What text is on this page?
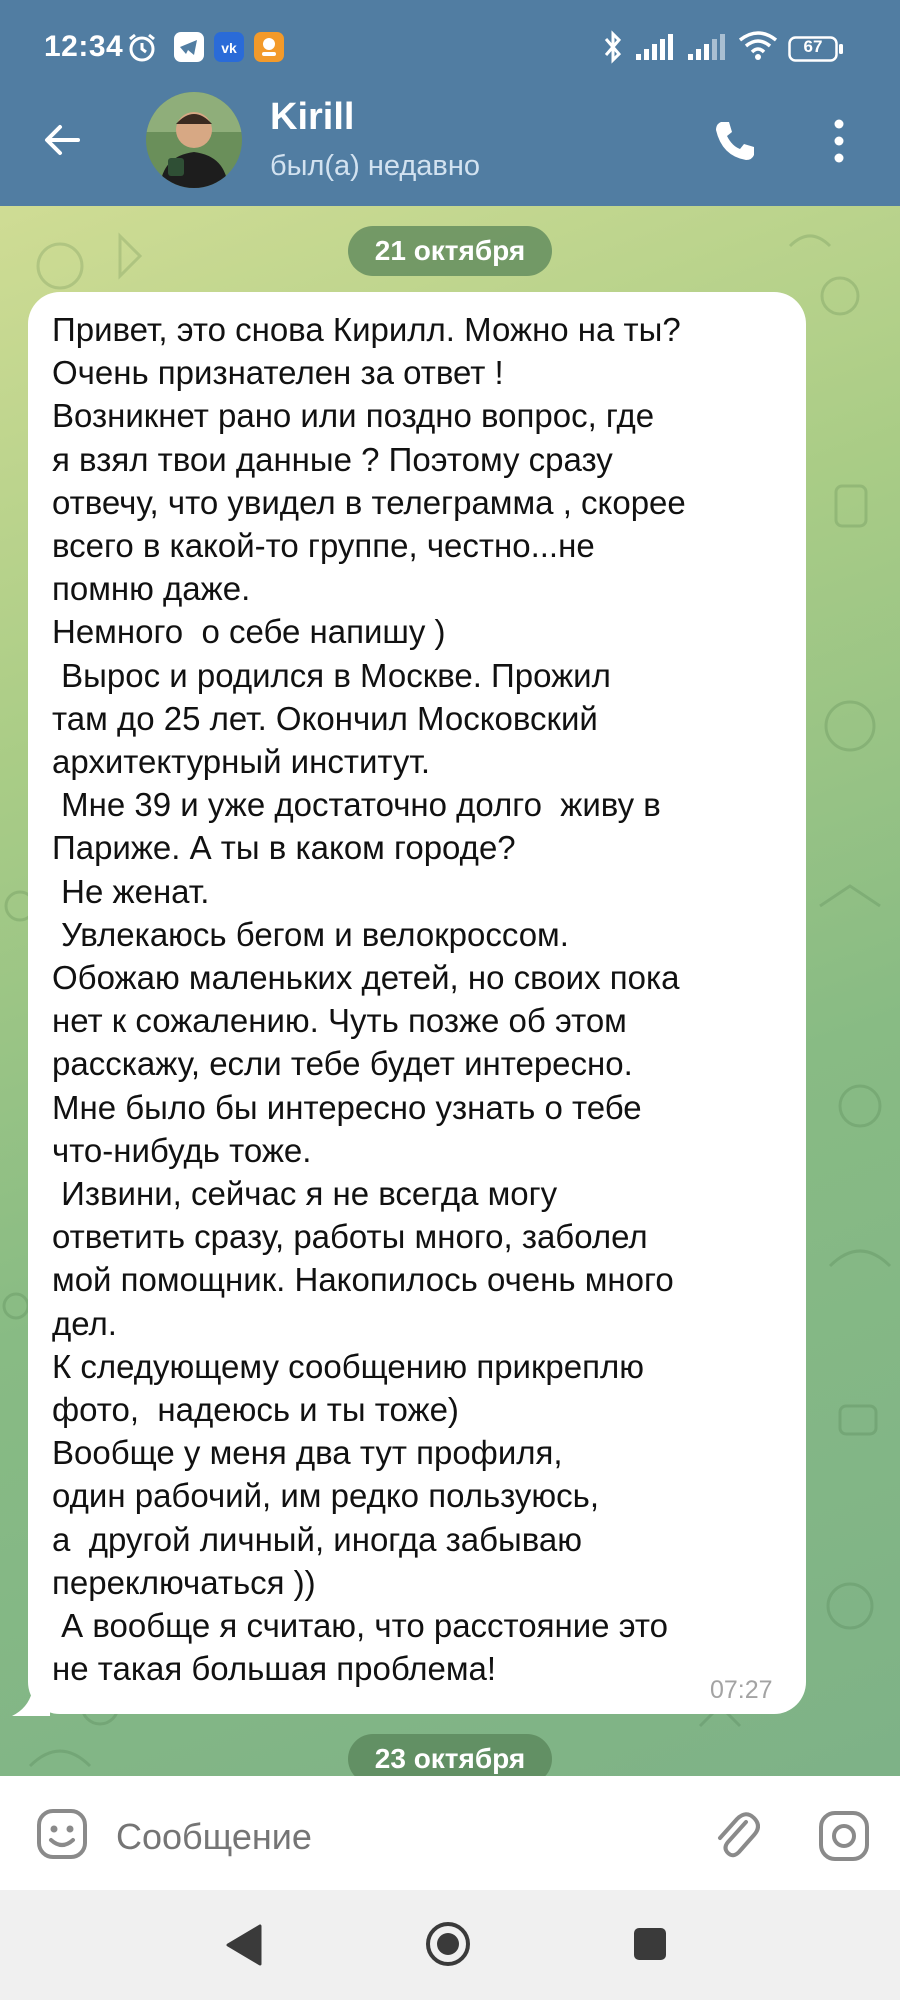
12:34	vk	67
Kirill
был(а) недавно
21 октября
Привет, это снова Кирилл. Можно на ты?
Очень признателен за ответ !
Возникнет рано или поздно вопрос, где
я взял твои данные ? Поэтому сразу
отвечу, что увидел в телеграмма , скорее
всего в какой-то группе, честно...не
помню даже.
Немного  о себе напишу )
Вырос и родился в Москве. Прожил
там до 25 лет. Окончил Московский
архитектурный институт.
Мне 39 и уже достаточно долго  живу в
Париже. А ты в каком городе?
Не женат.
Увлекаюсь бегом и велокроссом.
Обожаю маленьких детей, но своих пока
нет к сожалению. Чуть позже об этом
расскажу, если тебе будет интересно.
Мне было бы интересно узнать о тебе
что-нибудь тоже.
Извини, сейчас я не всегда могу
ответить сразу, работы много, заболел
мой помощник. Накопилось очень много
дел.
К следующему сообщению прикреплю
фото,  надеюсь и ты тоже)
Вообще у меня два тут профиля,
один рабочий, им редко пользуюсь,
а  другой личный, иногда забываю
переключаться ))
А вообще я считаю, что расстояние это
не такая большая проблема!
07:27
23 октября
Сообщение
